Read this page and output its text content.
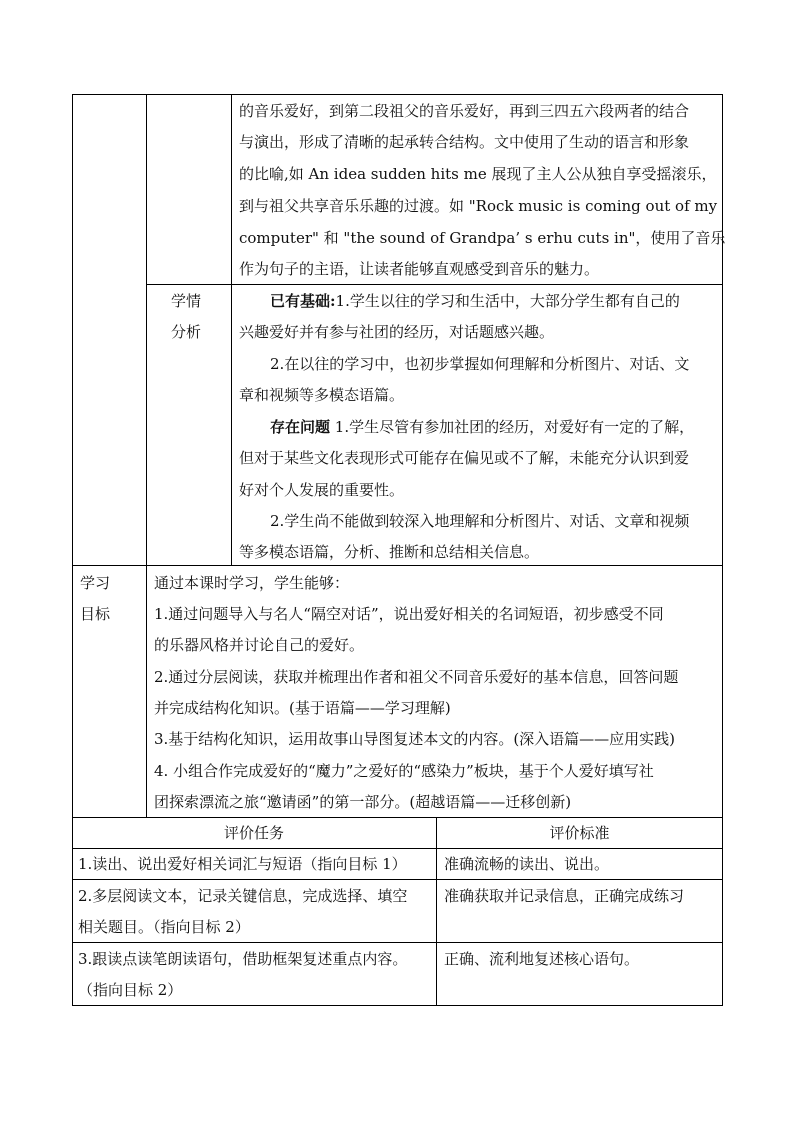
的音乐爱好，到第二段祖父的音乐爱好，再到三四五六段两者的结合
与演出，形成了清晰的起承转合结构。文中使用了生动的语言和形象
的比喻,如 An idea sudden hits me 展现了主人公从独自享受摇滚乐，
到与祖父共享音乐乐趣的过渡。如 "Rock music is coming out of my
computer" 和 "the sound of Grandpa’ s erhu cuts in"，使用了音乐
作为句子的主语，让读者能够直观感受到音乐的魅力。
学情
分析
已有基础:1.学生以往的学习和生活中，大部分学生都有自己的
兴趣爱好并有参与社团的经历，对话题感兴趣。
2.在以往的学习中，也初步掌握如何理解和分析图片、对话、文
章和视频等多模态语篇。
存在问题 1.学生尽管有参加社团的经历，对爱好有一定的了解，
但对于某些文化表现形式可能存在偏见或不了解，未能充分认识到爱
好对个人发展的重要性。
2.学生尚不能做到较深入地理解和分析图片、对话、文章和视频
等多模态语篇，分析、推断和总结相关信息。
学习
目标
通过本课时学习，学生能够：
1.通过问题导入与名人“隔空对话”，说出爱好相关的名词短语，初步感受不同
的乐器风格并讨论自己的爱好。
2.通过分层阅读，获取并梳理出作者和祖父不同音乐爱好的基本信息，回答问题
并完成结构化知识。(基于语篇——学习理解)
3.基于结构化知识，运用故事山导图复述本文的内容。(深入语篇——应用实践)
4. 小组合作完成爱好的“魔力”之爱好的“感染力”板块，基于个人爱好填写社
团探索漂流之旅“邀请函”的第一部分。(超越语篇——迁移创新)
评价任务	评价标准
1.读出、说出爱好相关词汇与短语（指向目标 1） 准确流畅的读出、说出。
2.多层阅读文本，记录关键信息，完成选择、填空
相关题目。（指向目标 2）
准确获取并记录信息，正确完成练习
3.跟读点读笔朗读语句，借助框架复述重点内容。
（指向目标 2）
正确、流利地复述核心语句。
